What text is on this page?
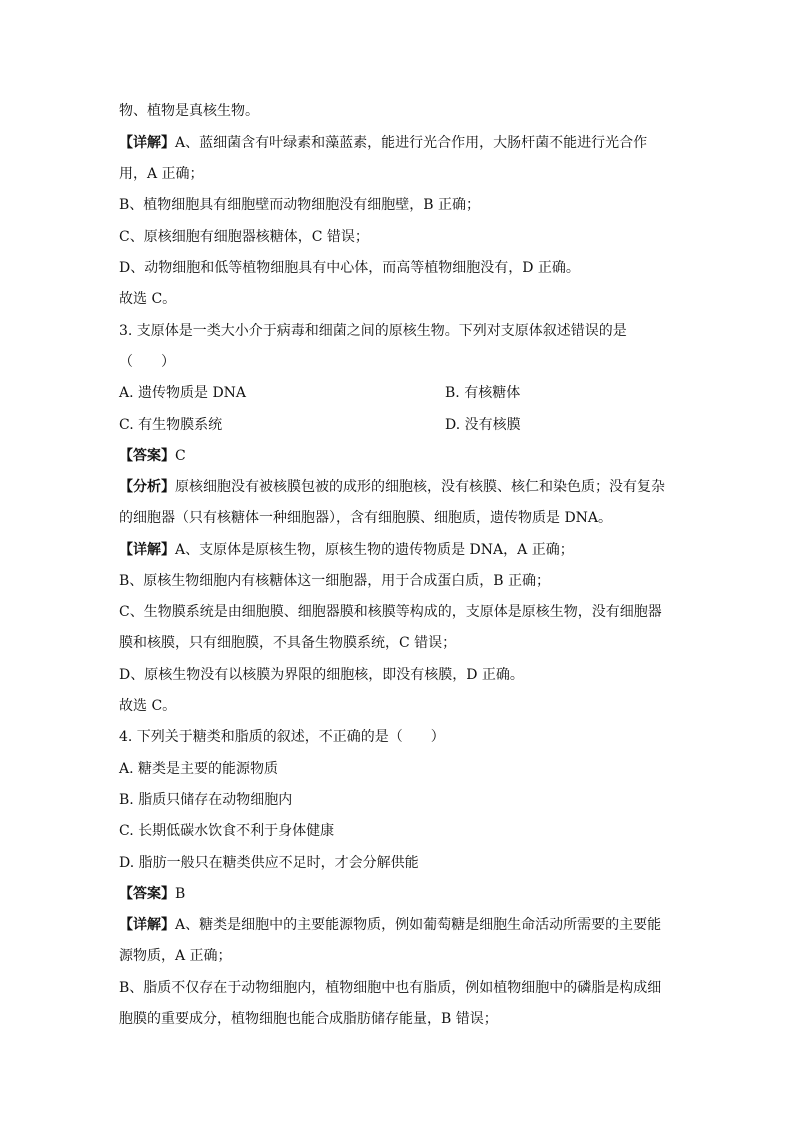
物、植物是真核生物。
【详解】A、蓝细菌含有叶绿素和藻蓝素，能进行光合作用，大肠杆菌不能进行光合作
用，A 正确；
B、植物细胞具有细胞壁而动物细胞没有细胞壁，B 正确；
C、原核细胞有细胞器核糖体，C 错误；
D、动物细胞和低等植物细胞具有中心体，而高等植物细胞没有，D 正确。
故选 C。
3. 支原体是一类大小介于病毒和细菌之间的原核生物。下列对支原体叙述错误的是
（　　）
A. 遗传物质是 DNA	B. 有核糖体
C. 有生物膜系统	D. 没有核膜
【答案】C
【分析】原核细胞没有被核膜包被的成形的细胞核，没有核膜、核仁和染色质；没有复杂
的细胞器（只有核糖体一种细胞器），含有细胞膜、细胞质，遗传物质是 DNA。
【详解】A、支原体是原核生物，原核生物的遗传物质是 DNA，A 正确；
B、原核生物细胞内有核糖体这一细胞器，用于合成蛋白质，B 正确；
C、生物膜系统是由细胞膜、细胞器膜和核膜等构成的，支原体是原核生物，没有细胞器
膜和核膜，只有细胞膜，不具备生物膜系统，C 错误；
D、原核生物没有以核膜为界限的细胞核，即没有核膜，D 正确。
故选 C。
4. 下列关于糖类和脂质的叙述，不正确的是（　　）
A. 糖类是主要的能源物质
B. 脂质只储存在动物细胞内
C. 长期低碳水饮食不利于身体健康
D. 脂肪一般只在糖类供应不足时，才会分解供能
【答案】B
【详解】A、糖类是细胞中的主要能源物质，例如葡萄糖是细胞生命活动所需要的主要能
源物质，A 正确；
B、脂质不仅存在于动物细胞内，植物细胞中也有脂质，例如植物细胞中的磷脂是构成细
胞膜的重要成分，植物细胞也能合成脂肪储存能量，B 错误；
